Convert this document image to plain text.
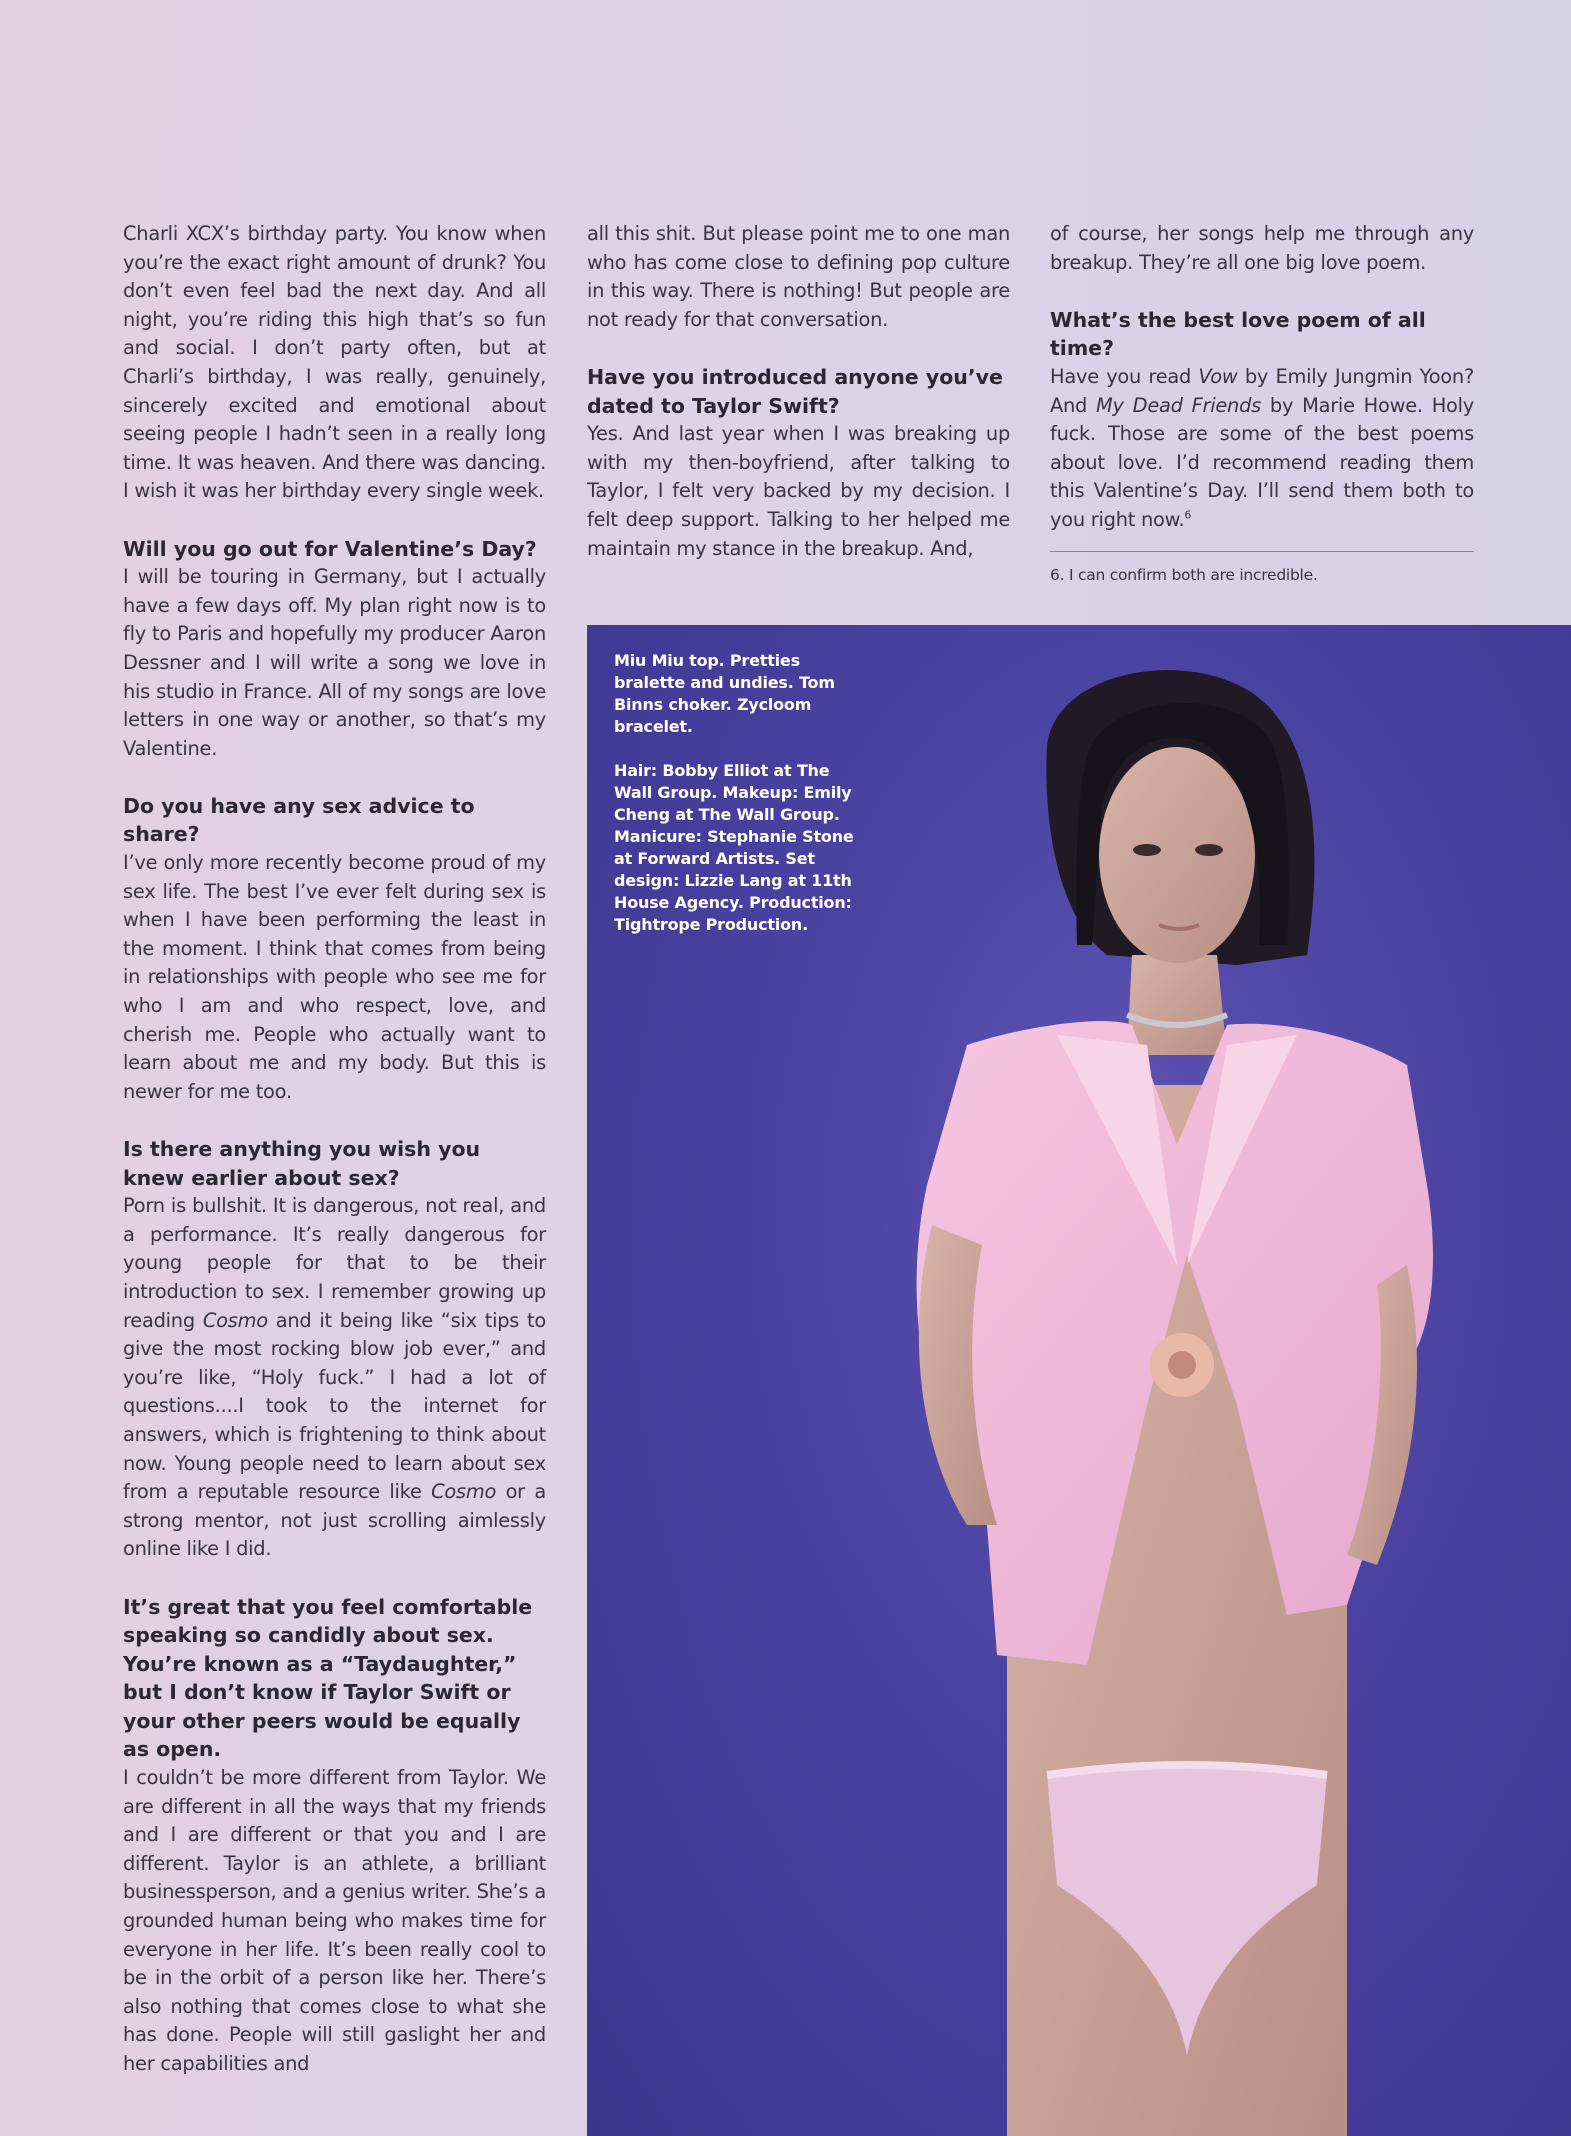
Charli XCX’s birthday party. You know when you’re the exact right amount of drunk? You don’t even feel bad the next day. And all night, you’re riding this high that’s so fun and social. I don’t party often, but at Charli’s birthday, I was really, genuinely, sincerely excited and emotional about seeing people I hadn’t seen in a really long time. It was heaven. And there was dancing. I wish it was her birthday every single week.

Will you go out for Valentine’s Day?

I will be touring in Germany, but I actually have a few days off. My plan right now is to fly to Paris and hopefully my producer Aaron Dessner and I will write a song we love in his studio in France. All of my songs are love letters in one way or another, so that’s my Valentine.

Do you have any sex advice to share?

I’ve only more recently become proud of my sex life. The best I’ve ever felt during sex is when I have been performing the least in the moment. I think that comes from being in relationships with people who see me for who I am and who respect, love, and cherish me. People who actually want to learn about me and my body. But this is newer for me too.

Is there anything you wish you knew earlier about sex?

Porn is bullshit. It is dangerous, not real, and a performance. It’s really dangerous for young people for that to be their introduction to sex. I remember growing up reading Cosmo and it being like “six tips to give the most rocking blow job ever,” and you’re like, “Holy fuck.” I had a lot of questions....I took to the internet for answers, which is frightening to think about now. Young people need to learn about sex from a reputable resource like Cosmo or a strong mentor, not just scrolling aimlessly online like I did.

It’s great that you feel comfortable speaking so candidly about sex. You’re known as a “Taydaughter,” but I don’t know if Taylor Swift or your other peers would be equally as open.

I couldn’t be more different from Taylor. We are different in all the ways that my friends and I are different or that you and I are different. Taylor is an athlete, a brilliant businessperson, and a genius writer. She’s a grounded human being who makes time for everyone in her life. It’s been really cool to be in the orbit of a person like her. There’s also nothing that comes close to what she has done. People will still gaslight her and her capabilities and

all this shit. But please point me to one man who has come close to defining pop culture in this way. There is nothing! But people are not ready for that conversation.

Have you introduced anyone you’ve dated to Taylor Swift?

Yes. And last year when I was breaking up with my then-boyfriend, after talking to Taylor, I felt very backed by my decision. I felt deep support. Talking to her helped me maintain my stance in the breakup. And,

of course, her songs help me through any breakup. They’re all one big love poem.

What’s the best love poem of all time?

Have you read Vow by Emily Jungmin Yoon? And My Dead Friends by Marie Howe. Holy fuck. Those are some of the best poems about love. I’d recommend reading them this Valentine’s Day. I’ll send them both to you right now.$^6$

6. I can confirm both are incredible.

Miu Miu top. Pretties bralette and undies. Tom Binns choker. Zycloom bracelet.

Hair: Bobby Elliot at The Wall Group. Makeup: Emily Cheng at The Wall Group. Manicure: Stephanie Stone at Forward Artists. Set design: Lizzie Lang at 11th House Agency. Production: Tightrope Production.
